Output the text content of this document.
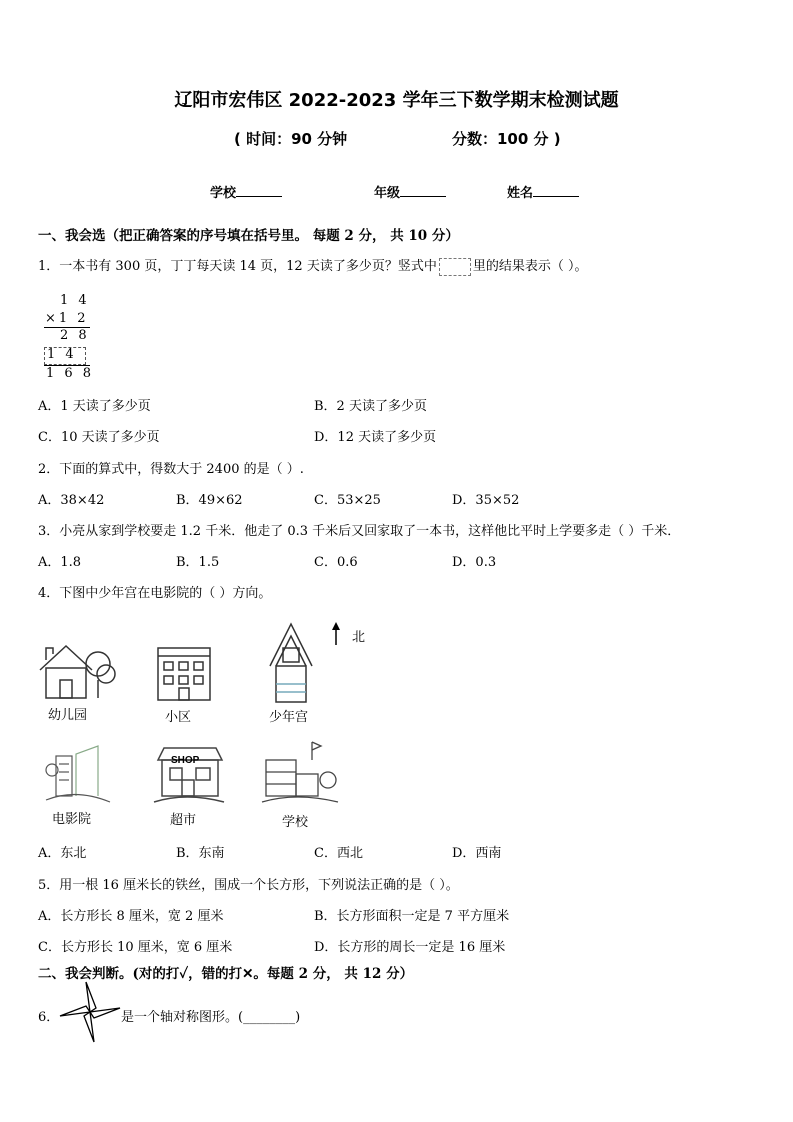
辽阳市宏伟区 2022-2023 学年三下数学期末检测试题
( 时间：90 分钟	分数：100 分 )
学校	年级	姓名
一、我会选（把正确答案的序号填在括号里。 每题 2 分， 共 10 分）
1．一本书有 300 页，丁丁每天读 14 页，12 天读了多少页？竖式中	里的结果表示（ ）。
1 4
×1 2
2 8
1 4
1 6 8
A．1 天读了多少页	B．2 天读了多少页
C．10 天读了多少页	D．12 天读了多少页
2．下面的算式中，得数大于 2400 的是（ ）.
A．38×42	B．49×62	C．53×25	D．35×52
3．小亮从家到学校要走 1.2 千米．他走了 0.3 千米后又回家取了一本书，这样他比平时上学要多走（ ）千米．
A．1.8	B．1.5	C．0.6	D．0.3
4．下图中少年宫在电影院的（ ）方向。
SHOP
北
幼儿园	小区	少年宫
电影院	超市	学校
A．东北	B．东南	C．西北	D．西南
5．用一根 16 厘米长的铁丝，围成一个长方形，下列说法正确的是（ ）。
A．长方形长 8 厘米，宽 2 厘米	B．长方形面积一定是 7 平方厘米
C．长方形长 10 厘米，宽 6 厘米	D．长方形的周长一定是 16 厘米
二、我会判断。(对的打✓，错的打✕。每题 2 分， 共 12 分）
6．	是一个轴对称图形。(________)
